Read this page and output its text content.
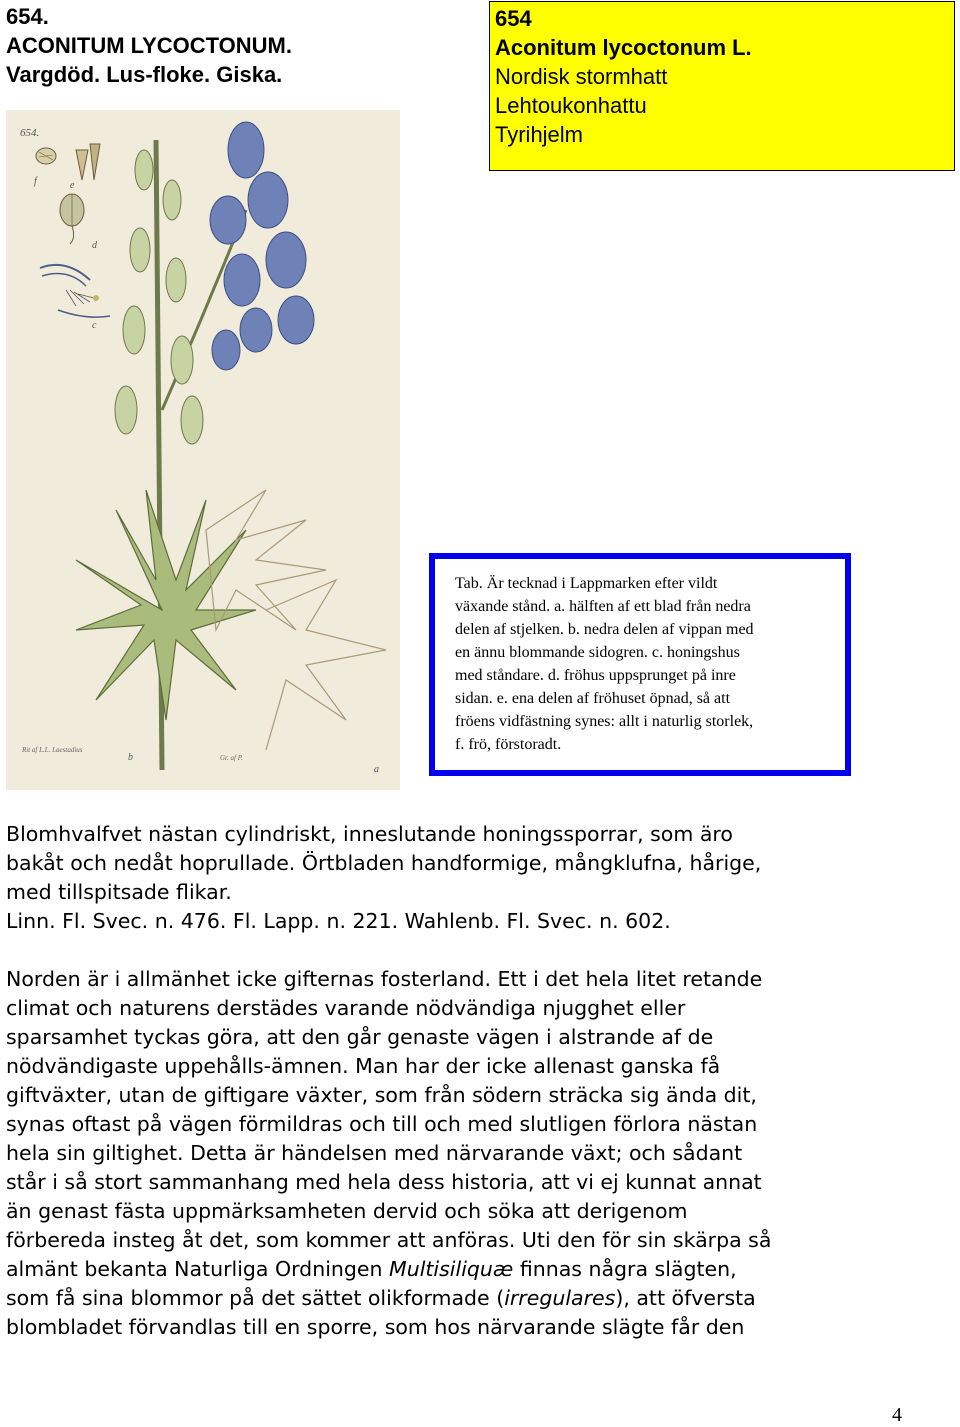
654.
ACONITUM LYCOCTONUM.
Vargdöd. Lus-floke. Giska.
654
Aconitum lycoctonum L.
Nordisk stormhatt
Lehtoukonhattu
Tyrihjelm
654.
f	e
d
c
b
a
Rit af L.L. Laestadius
Gr. af P.

Tab. Är tecknad i Lappmarken efter vildt

växande stånd. a. hälften af ett blad från nedra

delen af stjelken. b. nedra delen af vippan med

en ännu blommande sidogren. c. honingshus

med ståndare. d. fröhus uppsprunget på inre

sidan. e. ena delen af fröhuset öpnad, så att

fröens vidfästning synes: allt i naturlig storlek,

f. frö, förstoradt.

Blomhvalfvet nästan cylindriskt, inneslutande honingssporrar, som äro

bakåt och nedåt hoprullade. Örtbladen handformige, mångklufna, hårige,

med tillspitsade flikar.

Linn. Fl. Svec. n. 476. Fl. Lapp. n. 221. Wahlenb. Fl. Svec. n. 602.

Norden är i allmänhet icke gifternas fosterland. Ett i det hela litet retande

climat och naturens derstädes varande nödvändiga njugghet eller

sparsamhet tyckas göra, att den går genaste vägen i alstrande af de

nödvändigaste uppehålls-ämnen. Man har der icke allenast ganska få

giftväxter, utan de giftigare växter, som från södern sträcka sig ända dit,

synas oftast på vägen förmildras och till och med slutligen förlora nästan

hela sin giltighet. Detta är händelsen med närvarande växt; och sådant

står i så stort sammanhang med hela dess historia, att vi ej kunnat annat

än genast fästa uppmärksamheten dervid och söka att derigenom

förbereda insteg åt det, som kommer att anföras. Uti den för sin skärpa så

almänt bekanta Naturliga Ordningen Multisiliquæ finnas några slägten,

som få sina blommor på det sättet olikformade (irregulares), att öfversta

blombladet förvandlas till en sporre, som hos närvarande slägte får den

4
